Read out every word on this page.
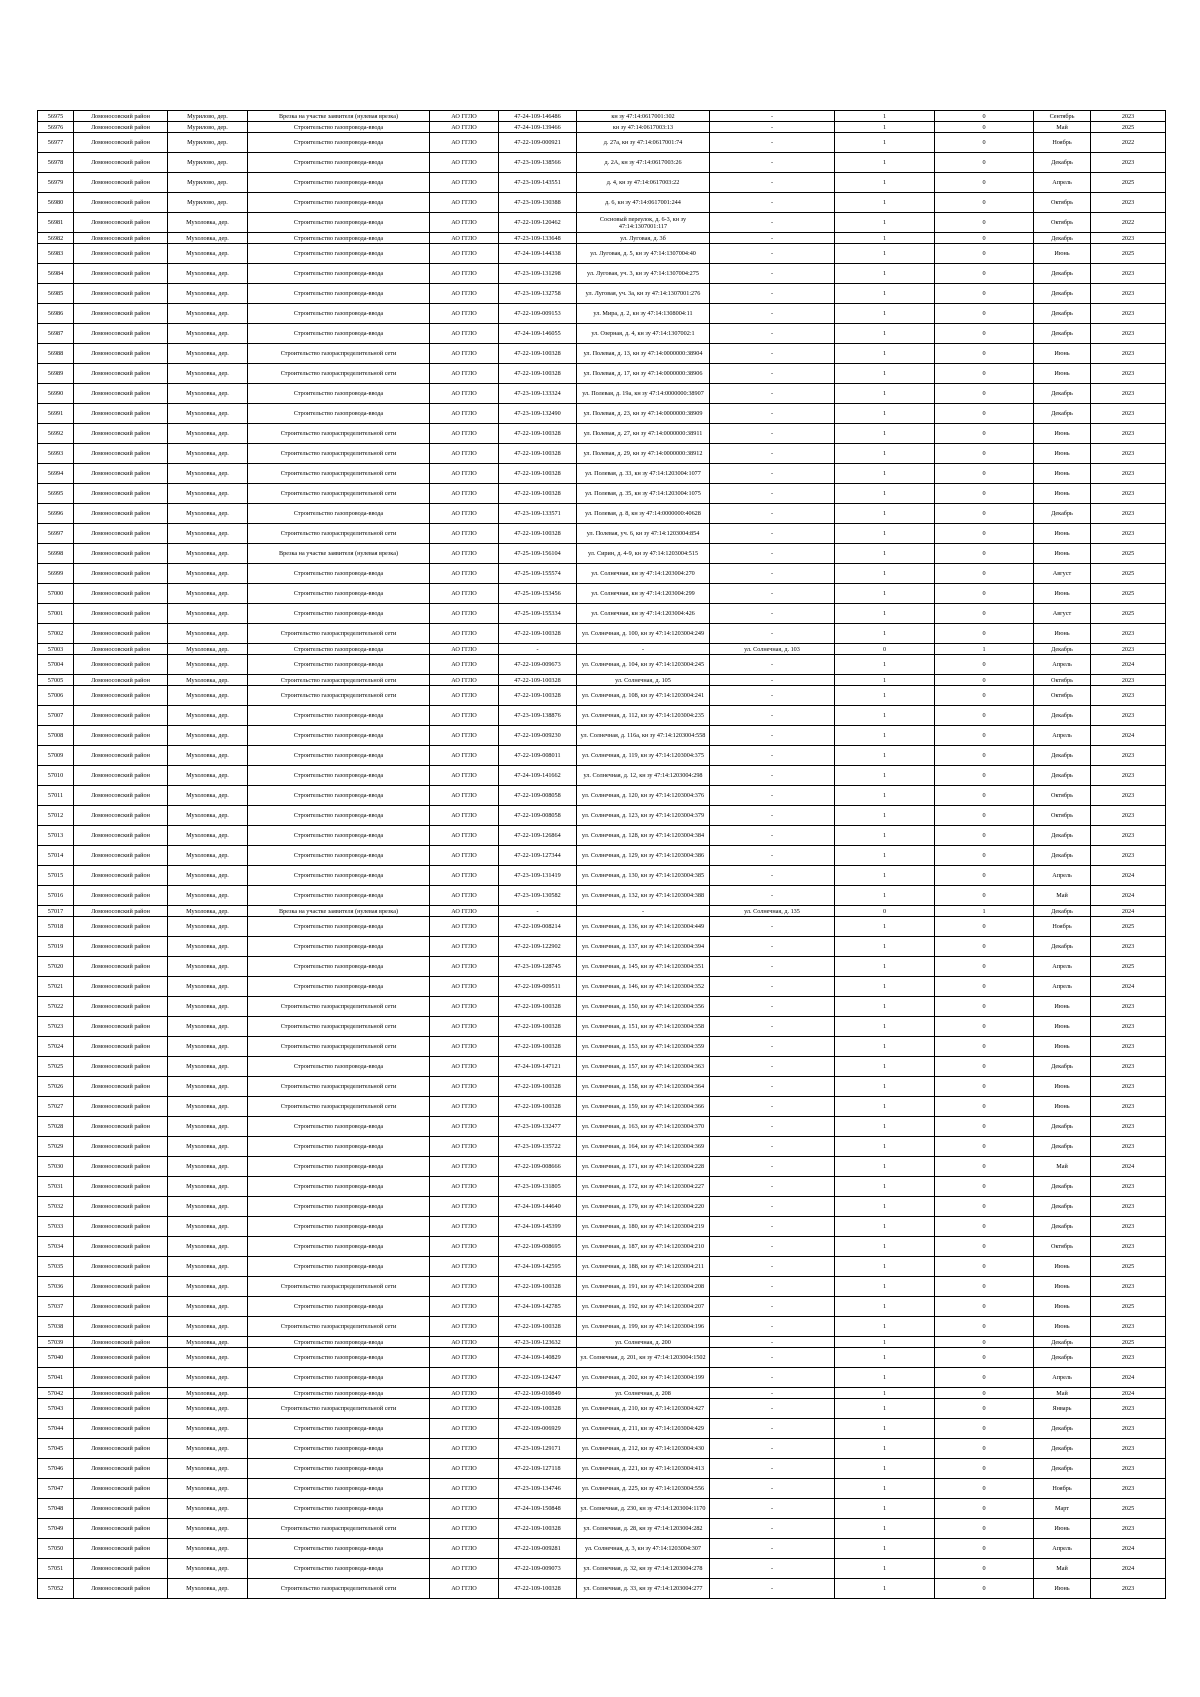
56975	Ломоносовский район	Мурилово, дер.	Врезка на участке заявителя (нулевая врезка)	АО ГГЛО	47-24-109-146486	кн зу 47:14:0617001:302	-	1	0	Сентябрь	2023
56976	Ломоносовский район	Мурилово, дер.	Строительство газопровода-ввода	АО ГГЛО	47-24-109-139466	кн зу 47:14:0617003:13	-	1	0	Май	2025
56977	Ломоносовский район	Мурилово, дер.	Строительство газопровода-ввода	АО ГГЛО	47-22-109-000921	д. 27а, кн зу 47:14:0617001:74	-	1	0	Ноябрь	2022
56978	Ломоносовский район	Мурилово, дер.	Строительство газопровода-ввода	АО ГГЛО	47-23-109-138566	д. 2А, кн зу 47:14:0617003:26	-	1	0	Декабрь	2023
56979	Ломоносовский район	Мурилово, дер.	Строительство газопровода-ввода	АО ГГЛО	47-23-109-143551	д. 4, кн зу 47:14:0617003:22	-	1	0	Апрель	2025
56980	Ломоносовский район	Мурилово, дер.	Строительство газопровода-ввода	АО ГГЛО	47-23-109-130388	д. 6, кн зу 47:14:0617001:244	-	1	0	Октябрь	2023
56981	Ломоносовский район	Мухоловка, дер.	Строительство газопровода-ввода	АО ГГЛО	47-22-109-120462	Сосновый переулок, д. 6-3, кн зу 47:14:1307001:117	-	1	0	Октябрь	2022
56982	Ломоносовский район	Мухоловка, дер.	Строительство газопровода-ввода	АО ГГЛО	47-23-109-133648	ул. Луговая, д. 3б	-	1	0	Декабрь	2023
56983	Ломоносовский район	Мухоловка, дер.	Строительство газопровода-ввода	АО ГГЛО	47-24-109-144338	ул. Луговая, д. 5, кн зу 47:14:1307004:40	-	1	0	Июнь	2025
56984	Ломоносовский район	Мухоловка, дер.	Строительство газопровода-ввода	АО ГГЛО	47-23-109-131298	ул. Луговая, уч. 3, кн зу 47:14:1307004:275	-	1	0	Декабрь	2023
56985	Ломоносовский район	Мухоловка, дер.	Строительство газопровода-ввода	АО ГГЛО	47-23-109-132758	ул. Луговая, уч. 3а, кн зу 47:14:1307001:276	-	1	0	Декабрь	2023
56986	Ломоносовский район	Мухоловка, дер.	Строительство газопровода-ввода	АО ГГЛО	47-22-109-009153	ул. Мира, д. 2, кн зу 47:14:1308004:11	-	1	0	Декабрь	2023
56987	Ломоносовский район	Мухоловка, дер.	Строительство газопровода-ввода	АО ГГЛО	47-24-109-146055	ул. Озерная, д. 4, кн зу 47:14:1307002:1	-	1	0	Декабрь	2023
56988	Ломоносовский район	Мухоловка, дер.	Строительство газораспределительной сети	АО ГГЛО	47-22-109-100328	ул. Полевая, д. 13, кн зу 47:14:0000000:38904	-	1	0	Июнь	2023
56989	Ломоносовский район	Мухоловка, дер.	Строительство газораспределительной сети	АО ГГЛО	47-22-109-100328	ул. Полевая, д. 17, кн зу 47:14:0000000:38906	-	1	0	Июнь	2023
56990	Ломоносовский район	Мухоловка, дер.	Строительство газопровода-ввода	АО ГГЛО	47-23-109-133324	ул. Полевая, д. 19а, кн зу 47:14:0000000:38907	-	1	0	Декабрь	2023
56991	Ломоносовский район	Мухоловка, дер.	Строительство газопровода-ввода	АО ГГЛО	47-23-109-132490	ул. Полевая, д. 23, кн зу 47:14:0000000:38909	-	1	0	Декабрь	2023
56992	Ломоносовский район	Мухоловка, дер.	Строительство газораспределительной сети	АО ГГЛО	47-22-109-100328	ул. Полевая, д. 27, кн зу 47:14:0000000:38911	-	1	0	Июнь	2023
56993	Ломоносовский район	Мухоловка, дер.	Строительство газораспределительной сети	АО ГГЛО	47-22-109-100328	ул. Полевая, д. 29, кн зу 47:14:0000000:38912	-	1	0	Июнь	2023
56994	Ломоносовский район	Мухоловка, дер.	Строительство газораспределительной сети	АО ГГЛО	47-22-109-100328	ул. Полевая, д. 33, кн зу 47:14:1203004:1077	-	1	0	Июнь	2023
56995	Ломоносовский район	Мухоловка, дер.	Строительство газораспределительной сети	АО ГГЛО	47-22-109-100328	ул. Полевая, д. 35, кн зу 47:14:1203004:1075	-	1	0	Июнь	2023
56996	Ломоносовский район	Мухоловка, дер.	Строительство газопровода-ввода	АО ГГЛО	47-23-109-133571	ул. Полевая, д. 8, кн зу 47:14:0000000:40628	-	1	0	Декабрь	2023
56997	Ломоносовский район	Мухоловка, дер.	Строительство газораспределительной сети	АО ГГЛО	47-22-109-100328	ул. Полевая, уч. 6, кн зу 47:14:1203004:854	-	1	0	Июнь	2023
56998	Ломоносовский район	Мухоловка, дер.	Врезка на участке заявителя (нулевая врезка)	АО ГГЛО	47-25-109-156104	ул. Сирин, д. 4-9, кн зу 47:14:1203004:515	-	1	0	Июнь	2025
56999	Ломоносовский район	Мухоловка, дер.	Строительство газопровода-ввода	АО ГГЛО	47-25-109-155574	ул. Солнечная, кн зу 47:14:1203004:270	-	1	0	Август	2025
57000	Ломоносовский район	Мухоловка, дер.	Строительство газопровода-ввода	АО ГГЛО	47-25-109-153456	ул. Солнечная, кн зу 47:14:1203004:299	-	1	0	Июнь	2025
57001	Ломоносовский район	Мухоловка, дер.	Строительство газопровода-ввода	АО ГГЛО	47-25-109-155334	ул. Солнечная, кн зу 47:14:1203004:426	-	1	0	Август	2025
57002	Ломоносовский район	Мухоловка, дер.	Строительство газораспределительной сети	АО ГГЛО	47-22-109-100328	ул. Солнечная, д. 100, кн зу 47:14:1203004:249	-	1	0	Июнь	2023
57003	Ломоносовский район	Мухоловка, дер.	Строительство газопровода-ввода	АО ГГЛО	-	-	ул. Солнечная, д. 103	0	1	Декабрь	2023
57004	Ломоносовский район	Мухоловка, дер.	Строительство газопровода-ввода	АО ГГЛО	47-22-109-009673	ул. Солнечная, д. 104, кн зу 47:14:1203004:245	-	1	0	Апрель	2024
57005	Ломоносовский район	Мухоловка, дер.	Строительство газораспределительной сети	АО ГГЛО	47-22-109-100328	ул. Солнечная, д. 105	-	1	0	Октябрь	2023
57006	Ломоносовский район	Мухоловка, дер.	Строительство газораспределительной сети	АО ГГЛО	47-22-109-100328	ул. Солнечная, д. 108, кн зу 47:14:1203004:241	-	1	0	Октябрь	2023
57007	Ломоносовский район	Мухоловка, дер.	Строительство газопровода-ввода	АО ГГЛО	47-23-109-138876	ул. Солнечная, д. 112, кн зу 47:14:1203004:235	-	1	0	Декабрь	2023
57008	Ломоносовский район	Мухоловка, дер.	Строительство газопровода-ввода	АО ГГЛО	47-22-109-009230	ул. Солнечная, д. 116а, кн зу 47:14:1203004:558	-	1	0	Апрель	2024
57009	Ломоносовский район	Мухоловка, дер.	Строительство газопровода-ввода	АО ГГЛО	47-22-109-008011	ул. Солнечная, д. 119, кн зу 47:14:1203004:375	-	1	0	Декабрь	2023
57010	Ломоносовский район	Мухоловка, дер.	Строительство газопровода-ввода	АО ГГЛО	47-24-109-141662	ул. Солнечная, д. 12, кн зу 47:14:1203004:298	-	1	0	Декабрь	2023
57011	Ломоносовский район	Мухоловка, дер.	Строительство газопровода-ввода	АО ГГЛО	47-22-109-008058	ул. Солнечная, д. 120, кн зу 47:14:1203004:376	-	1	0	Октябрь	2023
57012	Ломоносовский район	Мухоловка, дер.	Строительство газопровода-ввода	АО ГГЛО	47-22-109-008058	ул. Солнечная, д. 123, кн зу 47:14:1203004:379	-	1	0	Октябрь	2023
57013	Ломоносовский район	Мухоловка, дер.	Строительство газопровода-ввода	АО ГГЛО	47-22-109-126864	ул. Солнечная, д. 128, кн зу 47:14:1203004:384	-	1	0	Декабрь	2023
57014	Ломоносовский район	Мухоловка, дер.	Строительство газопровода-ввода	АО ГГЛО	47-22-109-127344	ул. Солнечная, д. 129, кн зу 47:14:1203004:386	-	1	0	Декабрь	2023
57015	Ломоносовский район	Мухоловка, дер.	Строительство газопровода-ввода	АО ГГЛО	47-23-109-131419	ул. Солнечная, д. 130, кн зу 47:14:1203004:385	-	1	0	Апрель	2024
57016	Ломоносовский район	Мухоловка, дер.	Строительство газопровода-ввода	АО ГГЛО	47-23-109-130582	ул. Солнечная, д. 132, кн зу 47:14:1203004:388	-	1	0	Май	2024
57017	Ломоносовский район	Мухоловка, дер.	Врезка на участке заявителя (нулевая врезка)	АО ГГЛО	-	-	ул. Солнечная, д. 135	0	1	Декабрь	2024
57018	Ломоносовский район	Мухоловка, дер.	Строительство газопровода-ввода	АО ГГЛО	47-22-109-008214	ул. Солнечная, д. 136, кн зу 47:14:1203004:449	-	1	0	Ноябрь	2025
57019	Ломоносовский район	Мухоловка, дер.	Строительство газопровода-ввода	АО ГГЛО	47-22-109-122902	ул. Солнечная, д. 137, кн зу 47:14:1203004:394	-	1	0	Декабрь	2023
57020	Ломоносовский район	Мухоловка, дер.	Строительство газопровода-ввода	АО ГГЛО	47-23-109-128745	ул. Солнечная, д. 145, кн зу 47:14:1203004:351	-	1	0	Апрель	2025
57021	Ломоносовский район	Мухоловка, дер.	Строительство газопровода-ввода	АО ГГЛО	47-22-109-009511	ул. Солнечная, д. 146, кн зу 47:14:1203004:352	-	1	0	Апрель	2024
57022	Ломоносовский район	Мухоловка, дер.	Строительство газораспределительной сети	АО ГГЛО	47-22-109-100328	ул. Солнечная, д. 150, кн зу 47:14:1203004:356	-	1	0	Июнь	2023
57023	Ломоносовский район	Мухоловка, дер.	Строительство газораспределительной сети	АО ГГЛО	47-22-109-100328	ул. Солнечная, д. 151, кн зу 47:14:1203004:358	-	1	0	Июнь	2023
57024	Ломоносовский район	Мухоловка, дер.	Строительство газораспределительной сети	АО ГГЛО	47-22-109-100328	ул. Солнечная, д. 153, кн зу 47:14:1203004:359	-	1	0	Июнь	2023
57025	Ломоносовский район	Мухоловка, дер.	Строительство газопровода-ввода	АО ГГЛО	47-24-109-147121	ул. Солнечная, д. 157, кн зу 47:14:1203004:363	-	1	0	Декабрь	2023
57026	Ломоносовский район	Мухоловка, дер.	Строительство газораспределительной сети	АО ГГЛО	47-22-109-100328	ул. Солнечная, д. 158, кн зу 47:14:1203004:364	-	1	0	Июнь	2023
57027	Ломоносовский район	Мухоловка, дер.	Строительство газораспределительной сети	АО ГГЛО	47-22-109-100328	ул. Солнечная, д. 159, кн зу 47:14:1203004:366	-	1	0	Июнь	2023
57028	Ломоносовский район	Мухоловка, дер.	Строительство газопровода-ввода	АО ГГЛО	47-23-109-132477	ул. Солнечная, д. 163, кн зу 47:14:1203004:370	-	1	0	Декабрь	2023
57029	Ломоносовский район	Мухоловка, дер.	Строительство газопровода-ввода	АО ГГЛО	47-23-109-135722	ул. Солнечная, д. 164, кн зу 47:14:1203004:369	-	1	0	Декабрь	2023
57030	Ломоносовский район	Мухоловка, дер.	Строительство газопровода-ввода	АО ГГЛО	47-22-109-008666	ул. Солнечная, д. 171, кн зу 47:14:1203004:228	-	1	0	Май	2024
57031	Ломоносовский район	Мухоловка, дер.	Строительство газопровода-ввода	АО ГГЛО	47-23-109-131805	ул. Солнечная, д. 172, кн зу 47:14:1203004:227	-	1	0	Декабрь	2023
57032	Ломоносовский район	Мухоловка, дер.	Строительство газопровода-ввода	АО ГГЛО	47-24-109-144640	ул. Солнечная, д. 179, кн зу 47:14:1203004:220	-	1	0	Декабрь	2023
57033	Ломоносовский район	Мухоловка, дер.	Строительство газопровода-ввода	АО ГГЛО	47-24-109-145399	ул. Солнечная, д. 180, кн зу 47:14:1203004:219	-	1	0	Декабрь	2023
57034	Ломоносовский район	Мухоловка, дер.	Строительство газопровода-ввода	АО ГГЛО	47-22-109-008695	ул. Солнечная, д. 187, кн зу 47:14:1203004:210	-	1	0	Октябрь	2023
57035	Ломоносовский район	Мухоловка, дер.	Строительство газопровода-ввода	АО ГГЛО	47-24-109-142595	ул. Солнечная, д. 188, кн зу 47:14:1203004:211	-	1	0	Июнь	2025
57036	Ломоносовский район	Мухоловка, дер.	Строительство газораспределительной сети	АО ГГЛО	47-22-109-100328	ул. Солнечная, д. 191, кн зу 47:14:1203004:208	-	1	0	Июнь	2023
57037	Ломоносовский район	Мухоловка, дер.	Строительство газопровода-ввода	АО ГГЛО	47-24-109-142785	ул. Солнечная, д. 192, кн зу 47:14:1203004:207	-	1	0	Июнь	2025
57038	Ломоносовский район	Мухоловка, дер.	Строительство газораспределительной сети	АО ГГЛО	47-22-109-100328	ул. Солнечная, д. 199, кн зу 47:14:1203004:196	-	1	0	Июнь	2023
57039	Ломоносовский район	Мухоловка, дер.	Строительство газопровода-ввода	АО ГГЛО	47-23-109-123632	ул. Солнечная, д. 200	-	1	0	Декабрь	2025
57040	Ломоносовский район	Мухоловка, дер.	Строительство газопровода-ввода	АО ГГЛО	47-24-109-140829	ул. Солнечная, д. 201, кн зу 47:14:1203004:1502	-	1	0	Декабрь	2023
57041	Ломоносовский район	Мухоловка, дер.	Строительство газопровода-ввода	АО ГГЛО	47-22-109-124247	ул. Солнечная, д. 202, кн зу 47:14:1203004:199	-	1	0	Апрель	2024
57042	Ломоносовский район	Мухоловка, дер.	Строительство газопровода-ввода	АО ГГЛО	47-22-109-010849	ул. Солнечная, д. 208	-	1	0	Май	2024
57043	Ломоносовский район	Мухоловка, дер.	Строительство газораспределительной сети	АО ГГЛО	47-22-109-100328	ул. Солнечная, д. 210, кн зу 47:14:1203004:427	-	1	0	Январь	2023
57044	Ломоносовский район	Мухоловка, дер.	Строительство газопровода-ввода	АО ГГЛО	47-22-109-006929	ул. Солнечная, д. 211, кн зу 47:14:1203004:429	-	1	0	Декабрь	2023
57045	Ломоносовский район	Мухоловка, дер.	Строительство газопровода-ввода	АО ГГЛО	47-23-109-129171	ул. Солнечная, д. 212, кн зу 47:14:1203004:430	-	1	0	Декабрь	2023
57046	Ломоносовский район	Мухоловка, дер.	Строительство газопровода-ввода	АО ГГЛО	47-22-109-127118	ул. Солнечная, д. 221, кн зу 47:14:1203004:413	-	1	0	Декабрь	2023
57047	Ломоносовский район	Мухоловка, дер.	Строительство газопровода-ввода	АО ГГЛО	47-23-109-134746	ул. Солнечная, д. 225, кн зу 47:14:1203004:556	-	1	0	Ноябрь	2023
57048	Ломоносовский район	Мухоловка, дер.	Строительство газопровода-ввода	АО ГГЛО	47-24-109-150848	ул. Солнечная, д. 230, кн зу 47:14:1203004:1170	-	1	0	Март	2025
57049	Ломоносовский район	Мухоловка, дер.	Строительство газораспределительной сети	АО ГГЛО	47-22-109-100328	ул. Солнечная, д. 28, кн зу 47:14:1203004:282	-	1	0	Июнь	2023
57050	Ломоносовский район	Мухоловка, дер.	Строительство газопровода-ввода	АО ГГЛО	47-22-109-009281	ул. Солнечная, д. 3, кн зу 47:14:1203004:307	-	1	0	Апрель	2024
57051	Ломоносовский район	Мухоловка, дер.	Строительство газопровода-ввода	АО ГГЛО	47-22-109-009073	ул. Солнечная, д. 32, кн зу 47:14:1203004:278	-	1	0	Май	2024
57052	Ломоносовский район	Мухоловка, дер.	Строительство газораспределительной сети	АО ГГЛО	47-22-109-100328	ул. Солнечная, д. 33, кн зу 47:14:1203004:277	-	1	0	Июнь	2023
